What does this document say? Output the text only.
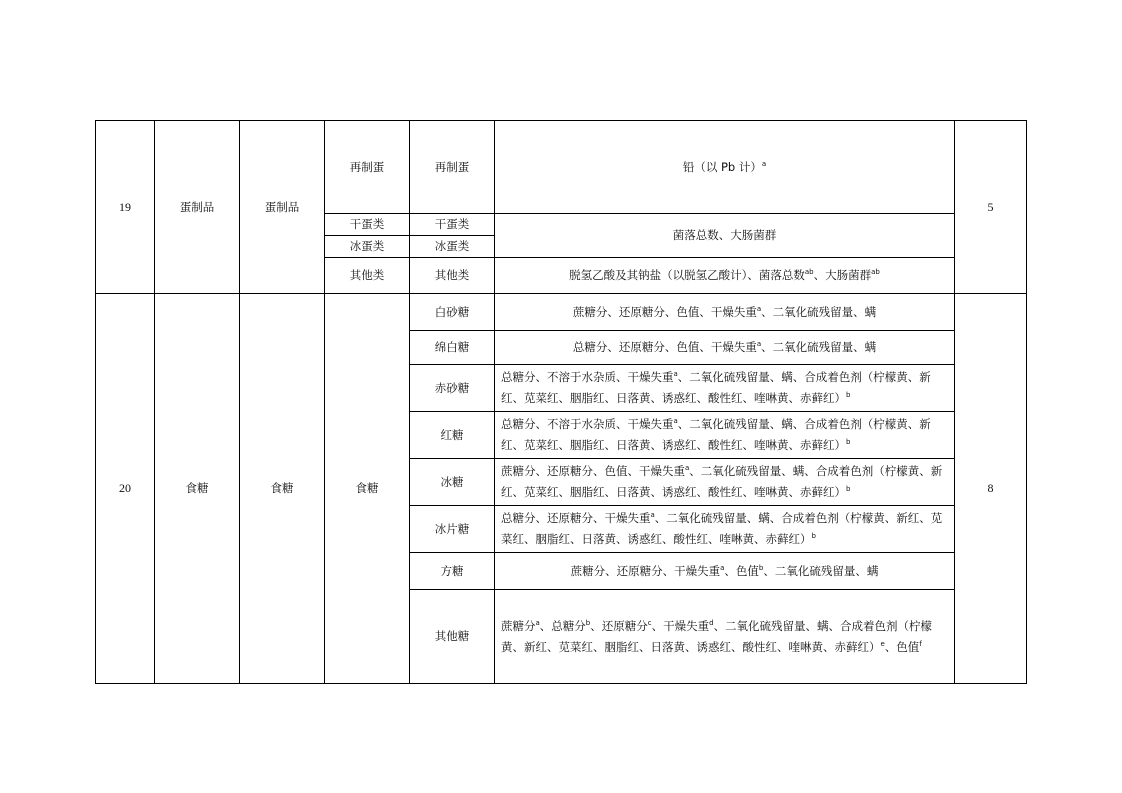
19	蛋制品	蛋制品	再制蛋	再制蛋	铅（以 Pb 计）$^a$	5
			干蛋类	干蛋类	菌落总数、大肠菌群	
			冰蛋类	冰蛋类		
			其他类	其他类	脱氢乙酸及其钠盐（以脱氢乙酸计）、菌落总数$^{ab}$、大肠菌群$^{ab}$

20	食糖	食糖	食糖	白砂糖	蔗糖分、还原糖分、色值、干燥失重$^a$、二氧化硫残留量、螨	8
				绵白糖	总糖分、还原糖分、色值、干燥失重$^a$、二氧化硫残留量、螨	
				赤砂糖	总糖分、不溶于水杂质、干燥失重$^a$、二氧化硫残留量、螨、合成着色剂（柠檬黄、新红、苋菜红、胭脂红、日落黄、诱惑红、酸性红、喹啉黄、赤藓红）$^b$
				红糖	总糖分、不溶于水杂质、干燥失重$^a$、二氧化硫残留量、螨、合成着色剂（柠檬黄、新红、苋菜红、胭脂红、日落黄、诱惑红、酸性红、喹啉黄、赤藓红）$^b$
				冰糖	蔗糖分、还原糖分、色值、干燥失重$^a$、二氧化硫残留量、螨、合成着色剂（柠檬黄、新红、苋菜红、胭脂红、日落黄、诱惑红、酸性红、喹啉黄、赤藓红）$^b$
				冰片糖	总糖分、还原糖分、干燥失重$^a$、二氧化硫残留量、螨、合成着色剂（柠檬黄、新红、苋菜红、胭脂红、日落黄、诱惑红、酸性红、喹啉黄、赤藓红）$^b$
				方糖	蔗糖分、还原糖分、干燥失重$^a$、色值$^b$、二氧化硫残留量、螨	
				其他糖	蔗糖分$^a$、总糖分$^b$、还原糖分$^c$、干燥失重$^d$、二氧化硫残留量、螨、合成着色剂（柠檬黄、新红、苋菜红、胭脂红、日落黄、诱惑红、酸性红、喹啉黄、赤藓红）$^e$、色值$^f$
